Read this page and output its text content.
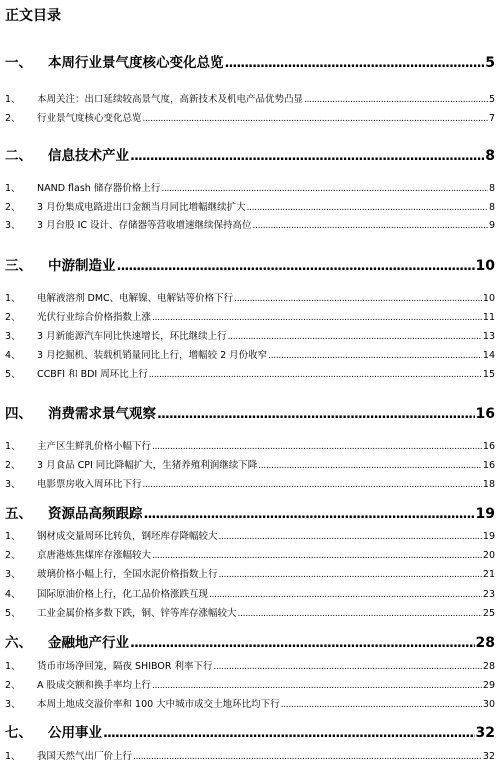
正文目录
一、	本周行业景气度核心变化总览 .....	5
1、	本周关注：出口延续较高景气度，高新技术及机电产品优势凸显 .....	5
2、	行业景气度核心变化总览 .....	7
二、	信息技术产业 .....	8
1、	NAND flash 储存器价格上行 .....	8
2、	3 月份集成电路进出口金额当月同比增幅继续扩大 .....	8
3、	3 月台股 IC 设计、存储器等营收增速继续保持高位 .....	9
三、	中游制造业 .....	10
1、	电解液溶剂 DMC、电解镍、电解钴等价格下行 .....	10
2、	光伏行业综合价格指数上涨 .....	11
3、	3 月新能源汽车同比快速增长，环比继续上行 .....	13
4、	3 月挖掘机、装载机销量同比上行，增幅较 2 月份收窄 .....	14
5、	CCBFI 和 BDI 周环比上行 .....	15
四、	消费需求景气观察 .....	16
1、	主产区生鲜乳价格小幅下行 .....	16
2、	3 月食品 CPI 同比降幅扩大，生猪养殖利润继续下降 .....	16
3、	电影票房收入周环比下行 .....	18
五、	资源品高频跟踪 .....	19
1、	钢材成交量周环比转负，钢坯库存降幅较大 .....	19
2、	京唐港炼焦煤库存涨幅较大 .....	20
3、	玻璃价格小幅上行，全国水泥价格指数上行 .....	21
4、	国际原油价格上行，化工品价格涨跌互现 .....	23
5、	工业金属价格多数下跌，铜、锌等库存涨幅较大 .....	25
六、	金融地产行业 .....	28
1、	货币市场净回笼，隔夜 SHIBOR 利率下行 .....	28
2、	A 股成交额和换手率均上行 .....	29
3、	本周土地成交溢价率和 100 大中城市成交土地环比均下行 .....	30
七、	公用事业 .....	32
1、	我国天然气出厂价上行 .....	32
